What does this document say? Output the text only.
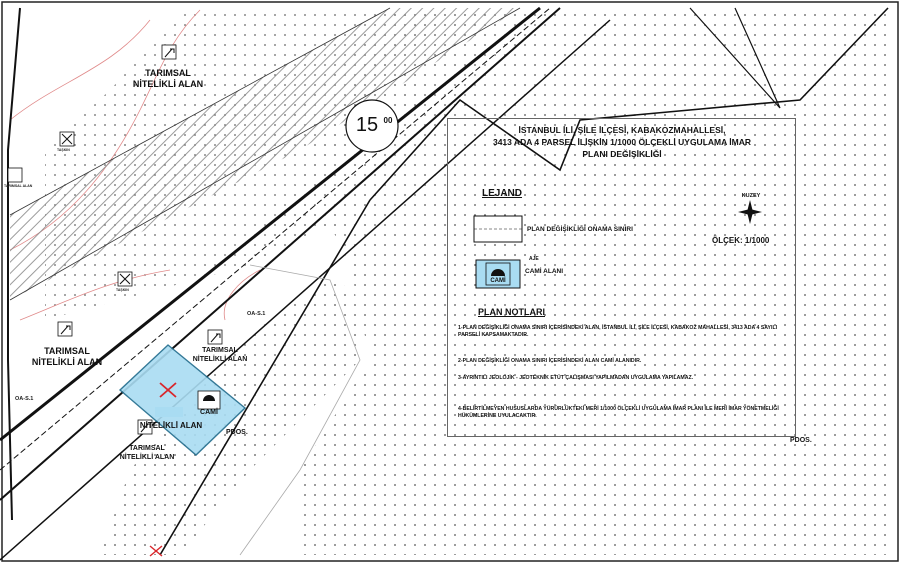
TARIMSAL
NİTELİKLİ ALAN
TARIMSAL
NİTELİKLİ ALAN
TARIMSAL
NİTELİKLİ ALAN
NİTELİKLİ ALAN
TARIMSAL
NİTELİKLİ ALAN
CAMİ
15 00
PDOS.
PDOS.
OA-S.1
OA-S.1
TAŞKIN
TARIMSAL ALAN
TAŞKIN
İSTANBUL İLİ, ŞİLE İLÇESİ, KABAKOZMAHALLESİ,
3413 ADA 4 PARSEL İLİŞKİN 1/1000 ÖLÇEKLİ UYGULAMA İMAR
PLANI DEĞİŞİKLİĞİ
LEJAND
PLAN DEĞİŞİKLİĞİ ONAMA SINIRI
CAMİ ALANI
AJE
CAMİ
KUZEY
ÖLÇEK: 1/1000
PLAN NOTLARI
1-PLAN DEĞİŞİKLİĞİ ONAMA SINIRI İÇERİSİNDEKİ ALAN, İSTANBUL İLİ, ŞİLE İLÇESİ, KABAKOZ MAHALLESİ, 3413 ADA 4 SAYILI PARSELİ KAPSAMAKTADIR.
2-PLAN DEĞİŞİKLİĞİ ONAMA SINIRI İÇERİSİNDEKİ ALAN CAMİ ALANIDIR.
3-AYRINTILI JEOLOJİK - JEOTEKNİK ETÜT ÇALIŞMASI YAPILMADAN UYGULAMA YAPILAMAZ.
4-BELİRTİLMEYEN HUSUSLARDA YÜRÜRLÜKTEKİ MERİ 1/1000 ÖLÇEKLİ UYGULAMA İMAR PLANI İLE MERİ İMAR YÖNETMELİĞİ HÜKÜMLERİNE UYULACAKTIR.
